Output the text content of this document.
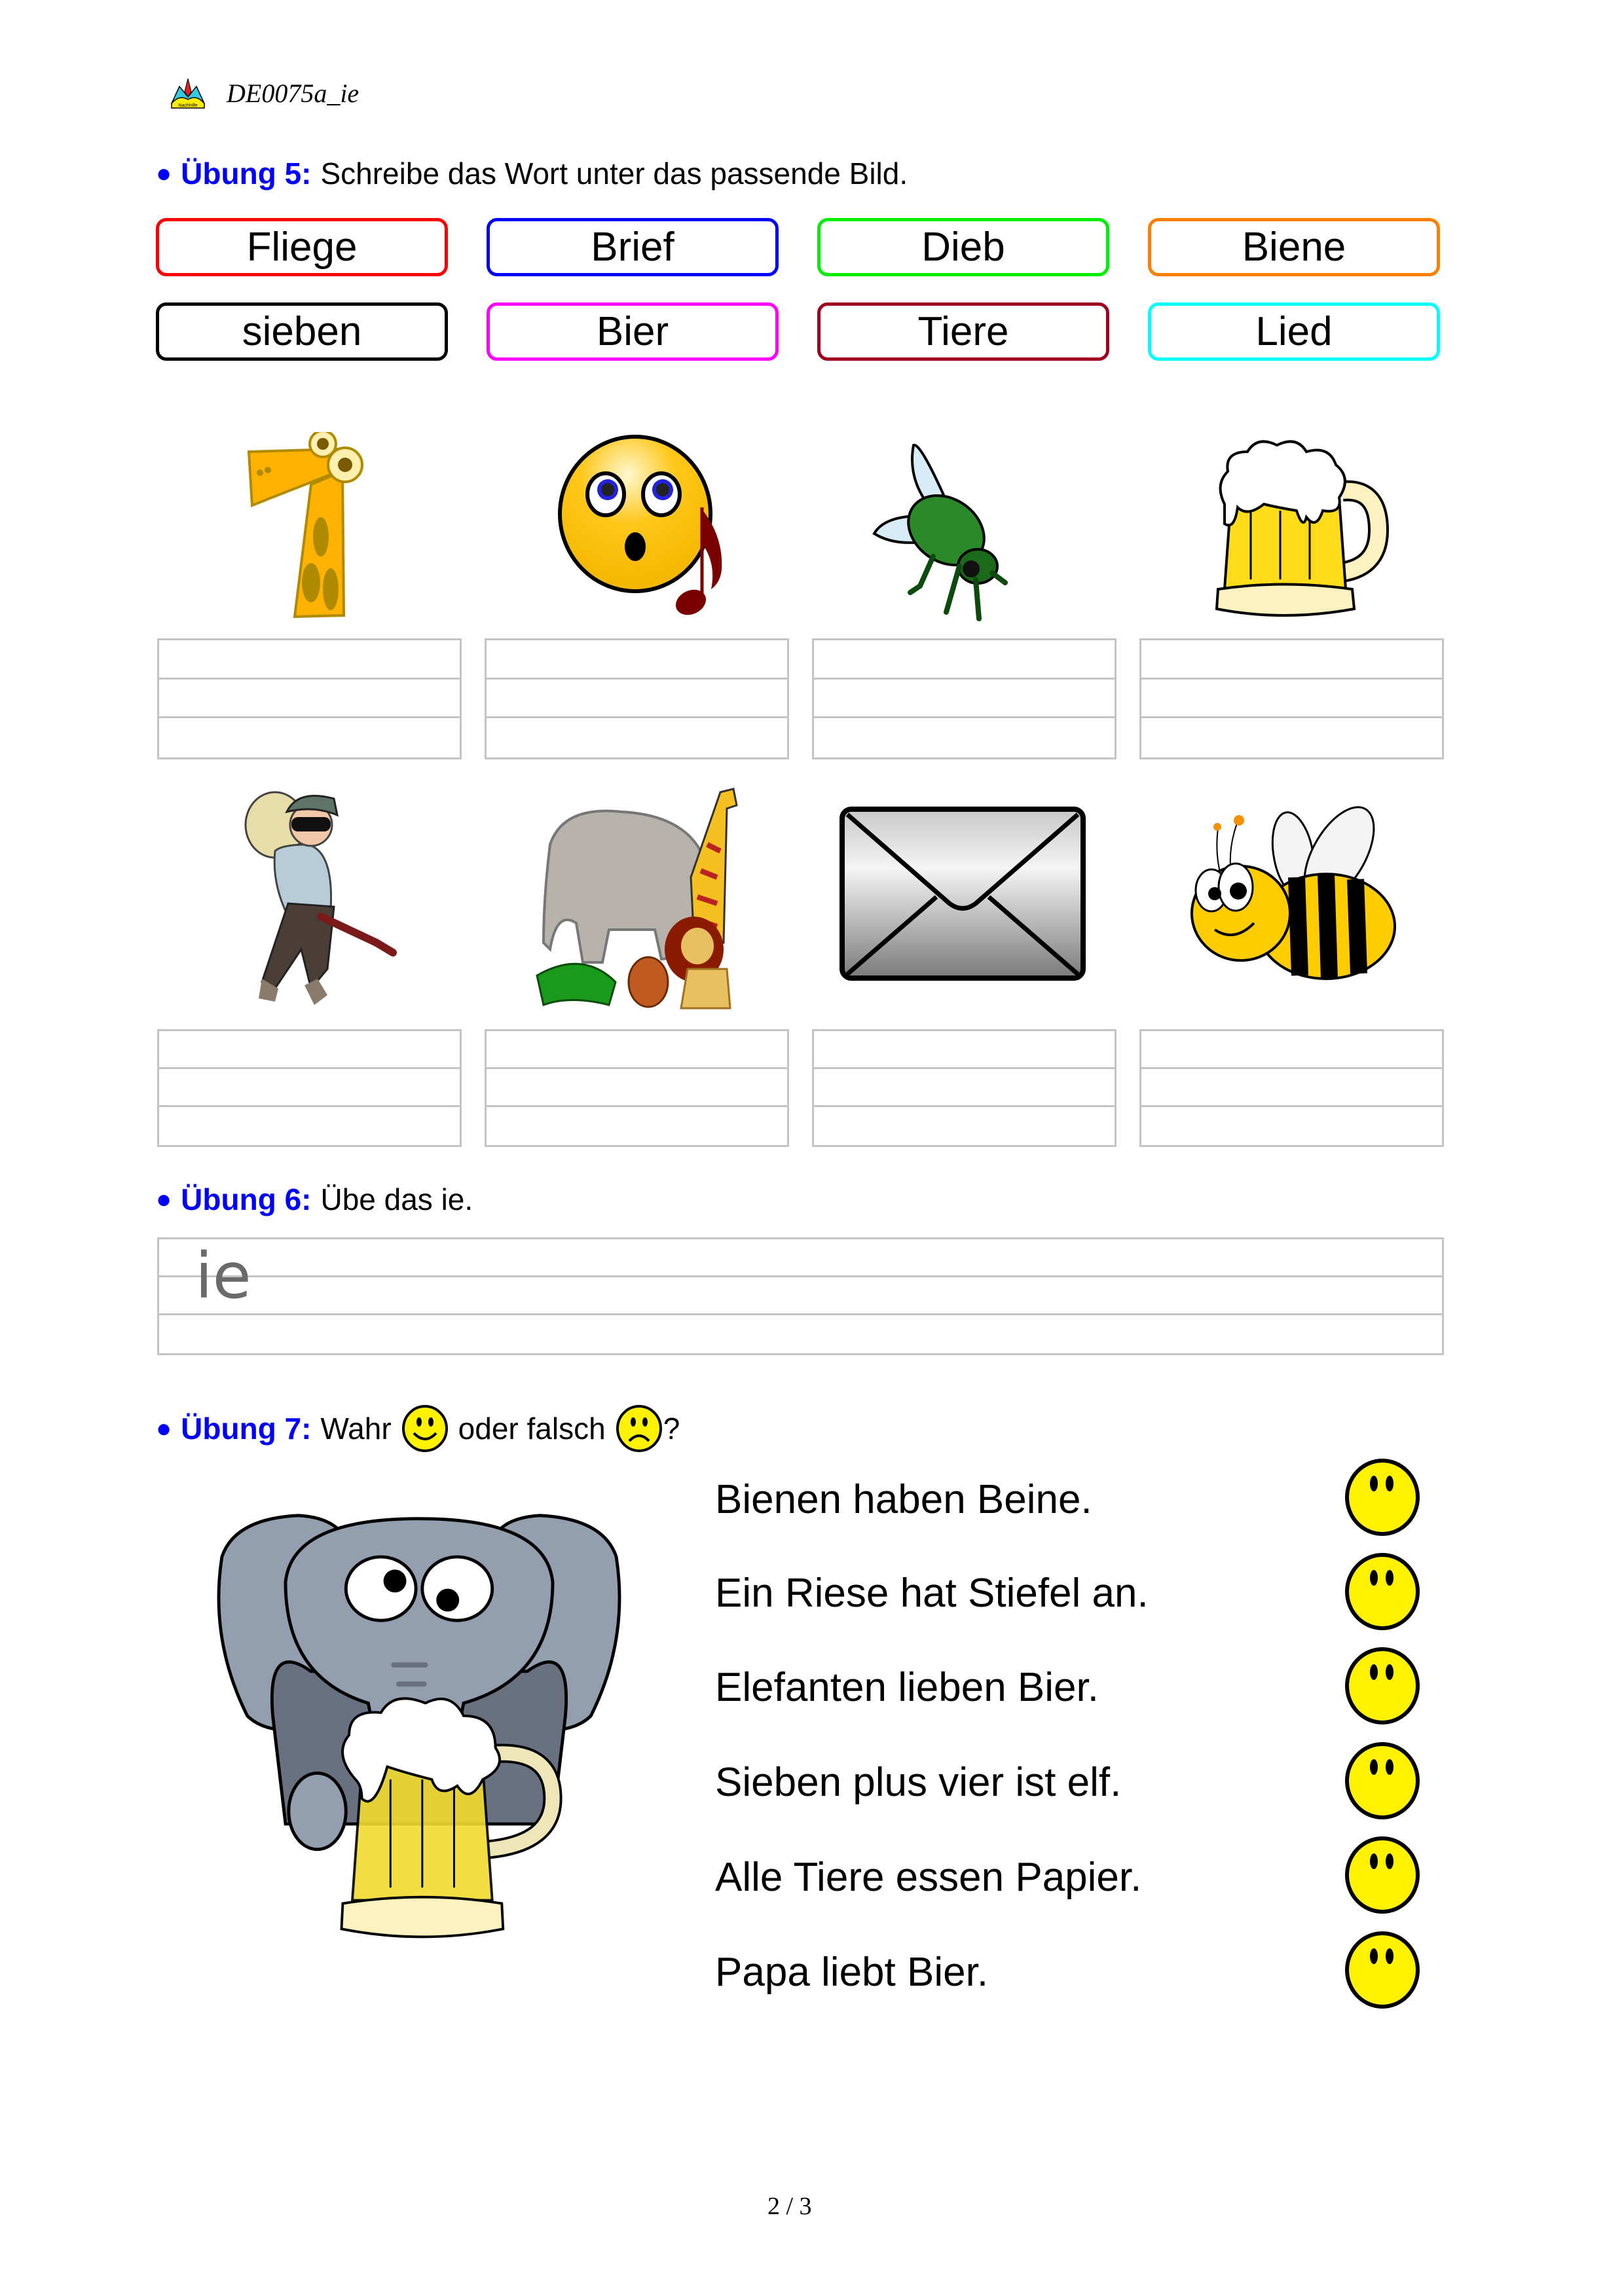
Nachhilfe DE0075a_ie
● Übung 5: Schreibe das Wort unter das passende Bild.
Fliege	Brief	Dieb	Biene
sieben	Bier	Tiere	Lied
● Übung 6: Übe das ie.
ie
● Übung 7: Wahr oder falsch ?
Bienen haben Beine.
Ein Riese hat Stiefel an.
Elefanten lieben Bier.
Sieben plus vier ist elf.
Alle Tiere essen Papier.
Papa liebt Bier.
2 / 3
